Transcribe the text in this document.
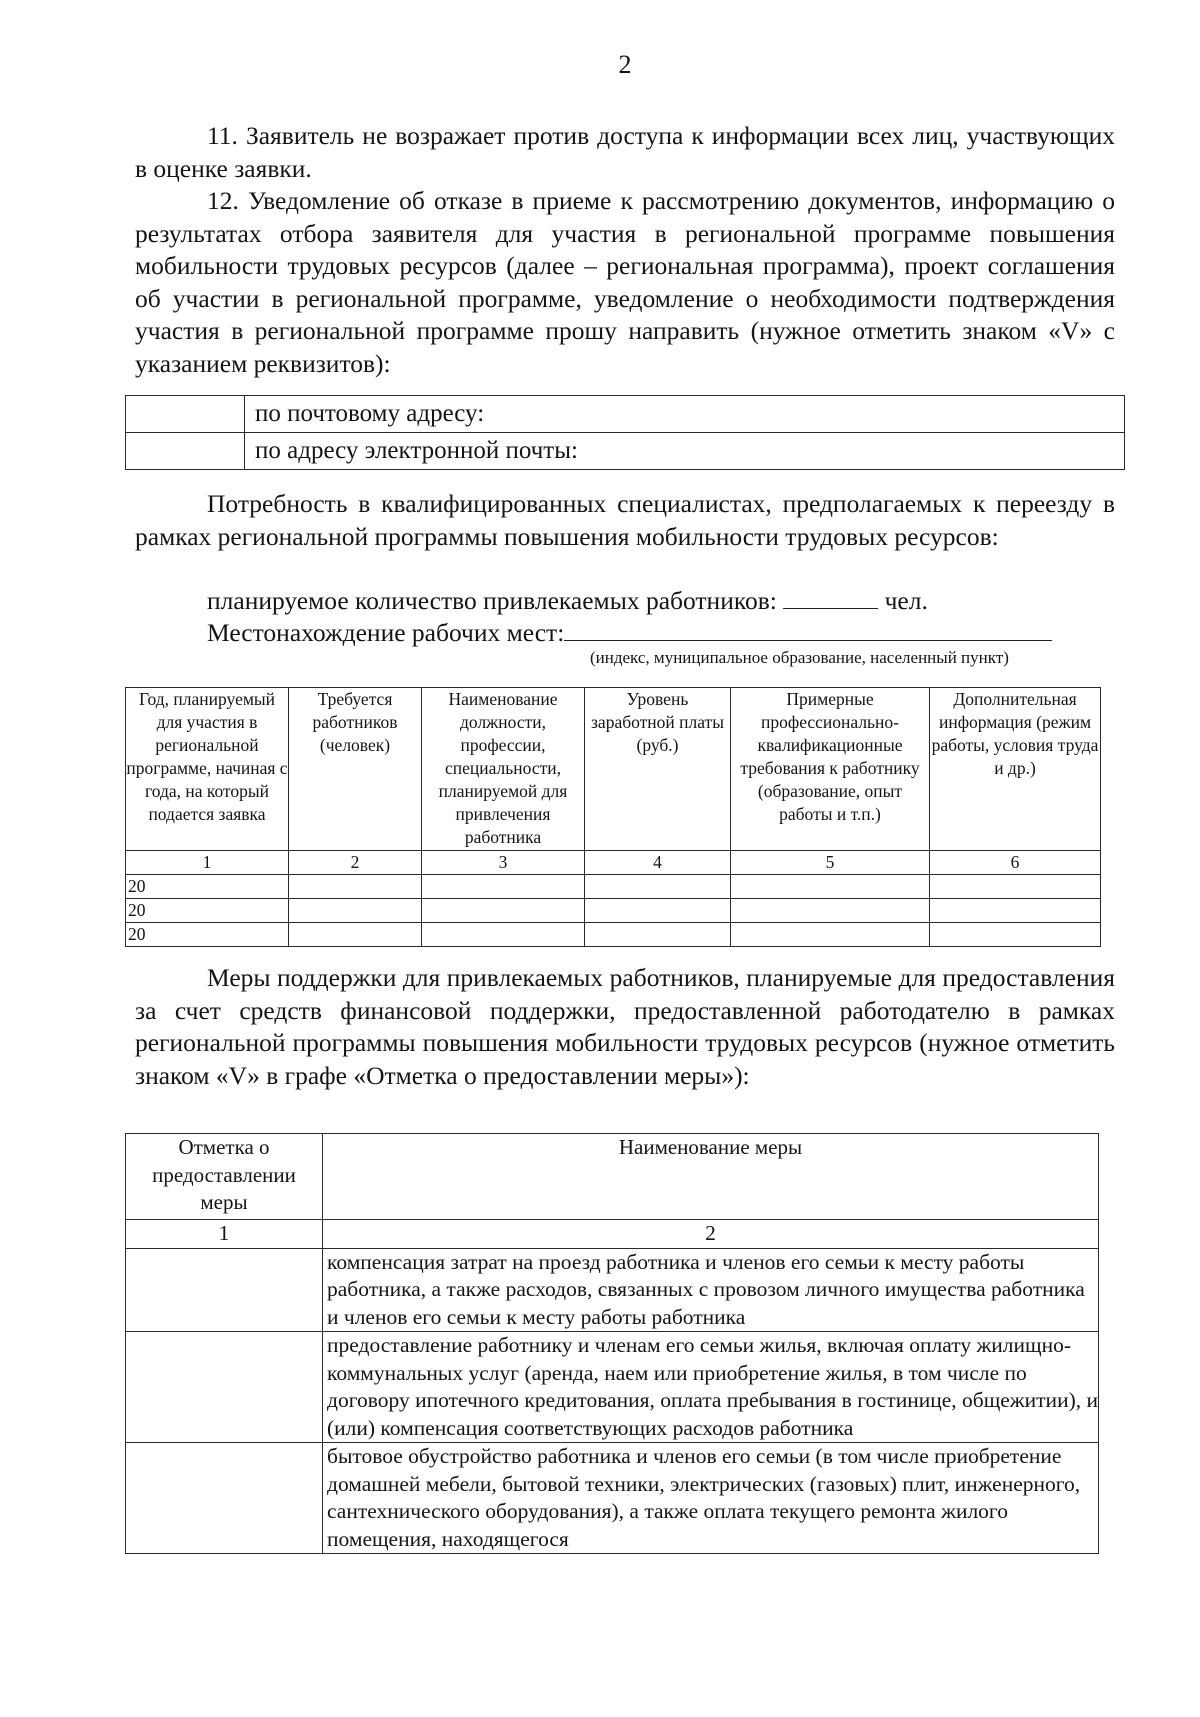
2
11. Заявитель не возражает против доступа к информации всех лиц, участвующих в оценке заявки.
12. Уведомление об отказе в приеме к рассмотрению документов, информацию о результатах отбора заявителя для участия в региональной программе повышения мобильности трудовых ресурсов (далее – региональная программа), проект соглашения об участии в региональной программе, уведомление о необходимости подтверждения участия в региональной программе прошу направить (нужное отметить знаком «V» с указанием реквизитов):
	по почтовому адресу:
	по адресу электронной почты:
Потребность в квалифицированных специалистах, предполагаемых к переезду в рамках региональной программы повышения мобильности трудовых ресурсов:
планируемое количество привлекаемых работников:	чел.
Местонахождение рабочих мест:
(индекс, муниципальное образование, населенный пункт)
Год, планируемый для участия в региональной программе, начиная с года, на который подается заявка	Требуется работников (человек)	Наименование должности, профессии, специальности, планируемой для привлечения работника	Уровень заработной платы (руб.)	Примерные профессионально-квалификационные требования к работнику (образование, опыт работы и т.п.)	Дополнительная информация (режим работы, условия труда и др.)
1	2	3	4	5	6
20					
20					
20					
Меры поддержки для привлекаемых работников, планируемые для предоставления за счет средств финансовой поддержки, предоставленной работодателю в рамках региональной программы повышения мобильности трудовых ресурсов (нужное отметить знаком «V» в графе «Отметка о предоставлении меры»):
Отметка о предоставлении меры	Наименование меры
1	2
	компенсация затрат на проезд работника и членов его семьи к месту работы работника, а также расходов, связанных с провозом личного имущества работника и членов его семьи к месту работы работника
	предоставление работнику и членам его семьи жилья, включая оплату жилищно-коммунальных услуг (аренда, наем или приобретение жилья, в том числе по договору ипотечного кредитования, оплата пребывания в гостинице, общежитии), и (или) компенсация соответствующих расходов работника
	бытовое обустройство работника и членов его семьи (в том числе приобретение домашней мебели, бытовой техники, электрических (газовых) плит, инженерного, сантехнического оборудования), а также оплата текущего ремонта жилого помещения, находящегося
